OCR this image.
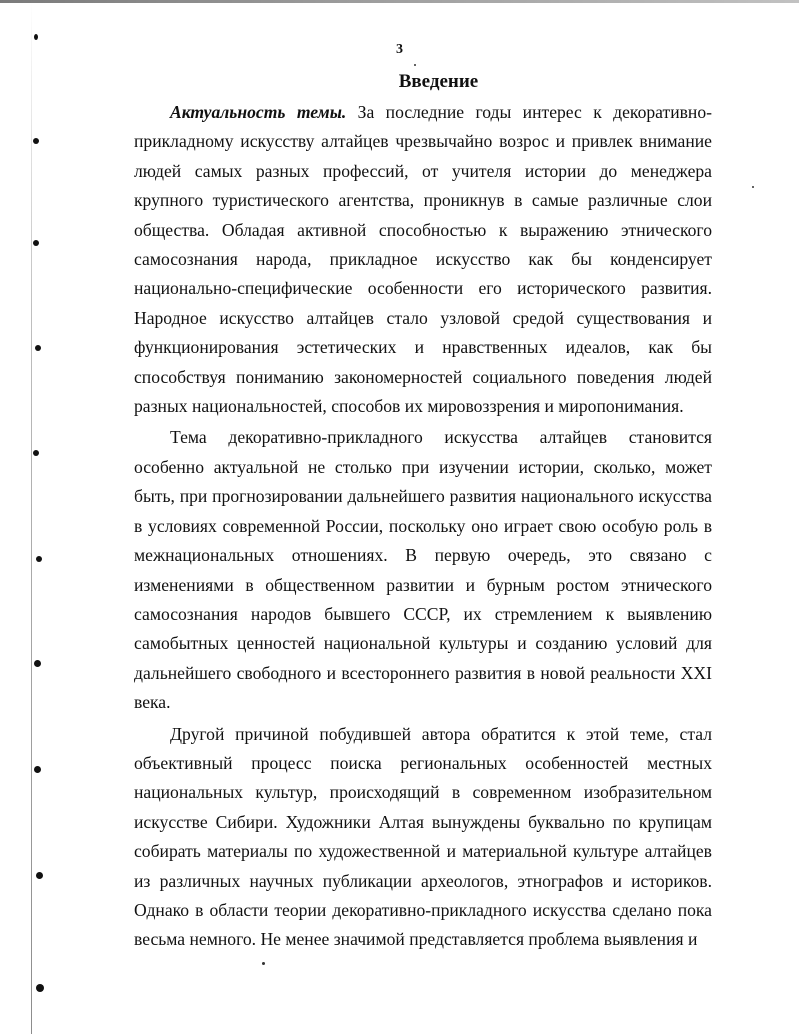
3
Введение

Актуальность темы. За последние годы интерес к декоративно-прикладному искусству алтайцев чрезвычайно возрос и привлек внимание людей самых разных профессий, от учителя истории до менеджера крупного туристического агентства, проникнув в самые различные слои общества. Обладая активной способностью к выражению этнического самосознания народа, прикладное искусство как бы конденсирует национально-специфические особенности его исторического развития. Народное искусство алтайцев стало узловой средой существования и функционирования эстетических и нравственных идеалов, как бы способствуя пониманию закономерностей социального поведения людей разных национальностей, способов их мировоззрения и миропонимания.

Тема декоративно-прикладного искусства алтайцев становится особенно актуальной не столько при изучении истории, сколько, может быть, при прогнозировании дальнейшего развития национального искусства в условиях современной России, поскольку оно играет свою особую роль в межнациональных отношениях. В первую очередь, это связано с изменениями в общественном развитии и бурным ростом этнического самосознания народов бывшего СССР, их стремлением к выявлению самобытных ценностей национальной культуры и созданию условий для дальнейшего свободного и всестороннего развития в новой реальности XXI века.

Другой причиной побудившей автора обратится к этой теме, стал объективный процесс поиска региональных особенностей местных национальных культур, происходящий в современном изобразительном искусстве Сибири. Художники Алтая вынуждены буквально по крупицам собирать материалы по художественной и материальной культуре алтайцев из различных научных публикации археологов, этнографов и историков. Однако в области теории декоративно-прикладного искусства сделано пока весьма немного. Не менее значимой представляется проблема выявления и
